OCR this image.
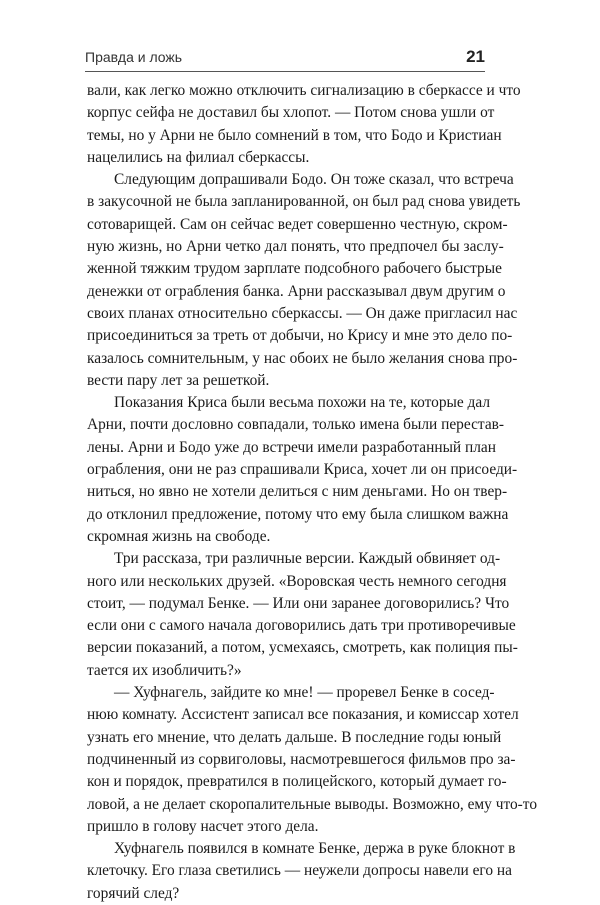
Правда и ложь	21
вали, как легко можно отключить сигнализацию в сберкассе и что
корпус сейфа не доставил бы хлопот. — Потом снова ушли от
темы, но у Арни не было сомнений в том, что Бодо и Кристиан
нацелились на филиал сберкассы.
Следующим допрашивали Бодо. Он тоже сказал, что встреча
в закусочной не была запланированной, он был рад снова увидеть
сотоварищей. Сам он сейчас ведет совершенно честную, скром-
ную жизнь, но Арни четко дал понять, что предпочел бы заслу-
женной тяжким трудом зарплате подсобного рабочего быстрые
денежки от ограбления банка. Арни рассказывал двум другим о
своих планах относительно сберкассы. — Он даже пригласил нас
присоединиться за треть от добычи, но Крису и мне это дело по-
казалось сомнительным, у нас обоих не было желания снова про-
вести пару лет за решеткой.
Показания Криса были весьма похожи на те, которые дал
Арни, почти дословно совпадали, только имена были перестав-
лены. Арни и Бодо уже до встречи имели разработанный план
ограбления, они не раз спрашивали Криса, хочет ли он присоеди-
ниться, но явно не хотели делиться с ним деньгами. Но он твер-
до отклонил предложение, потому что ему была слишком важна
скромная жизнь на свободе.
Три рассказа, три различные версии. Каждый обвиняет од-
ного или нескольких друзей. «Воровская честь немного сегодня
стоит, — подумал Бенке. — Или они заранее договорились? Что
если они с самого начала договорились дать три противоречивые
версии показаний, а потом, усмехаясь, смотреть, как полиция пы-
тается их изобличить?»
— Хуфнагель, зайдите ко мне! — проревел Бенке в сосед-
нюю комнату. Ассистент записал все показания, и комиссар хотел
узнать его мнение, что делать дальше. В последние годы юный
подчиненный из сорвиголовы, насмотревшегося фильмов про за-
кон и порядок, превратился в полицейского, который думает го-
ловой, а не делает скоропалительные выводы. Возможно, ему что-то
пришло в голову насчет этого дела.
Хуфнагель появился в комнате Бенке, держа в руке блокнот в
клеточку. Его глаза светились — неужели допросы навели его на
горячий след?
